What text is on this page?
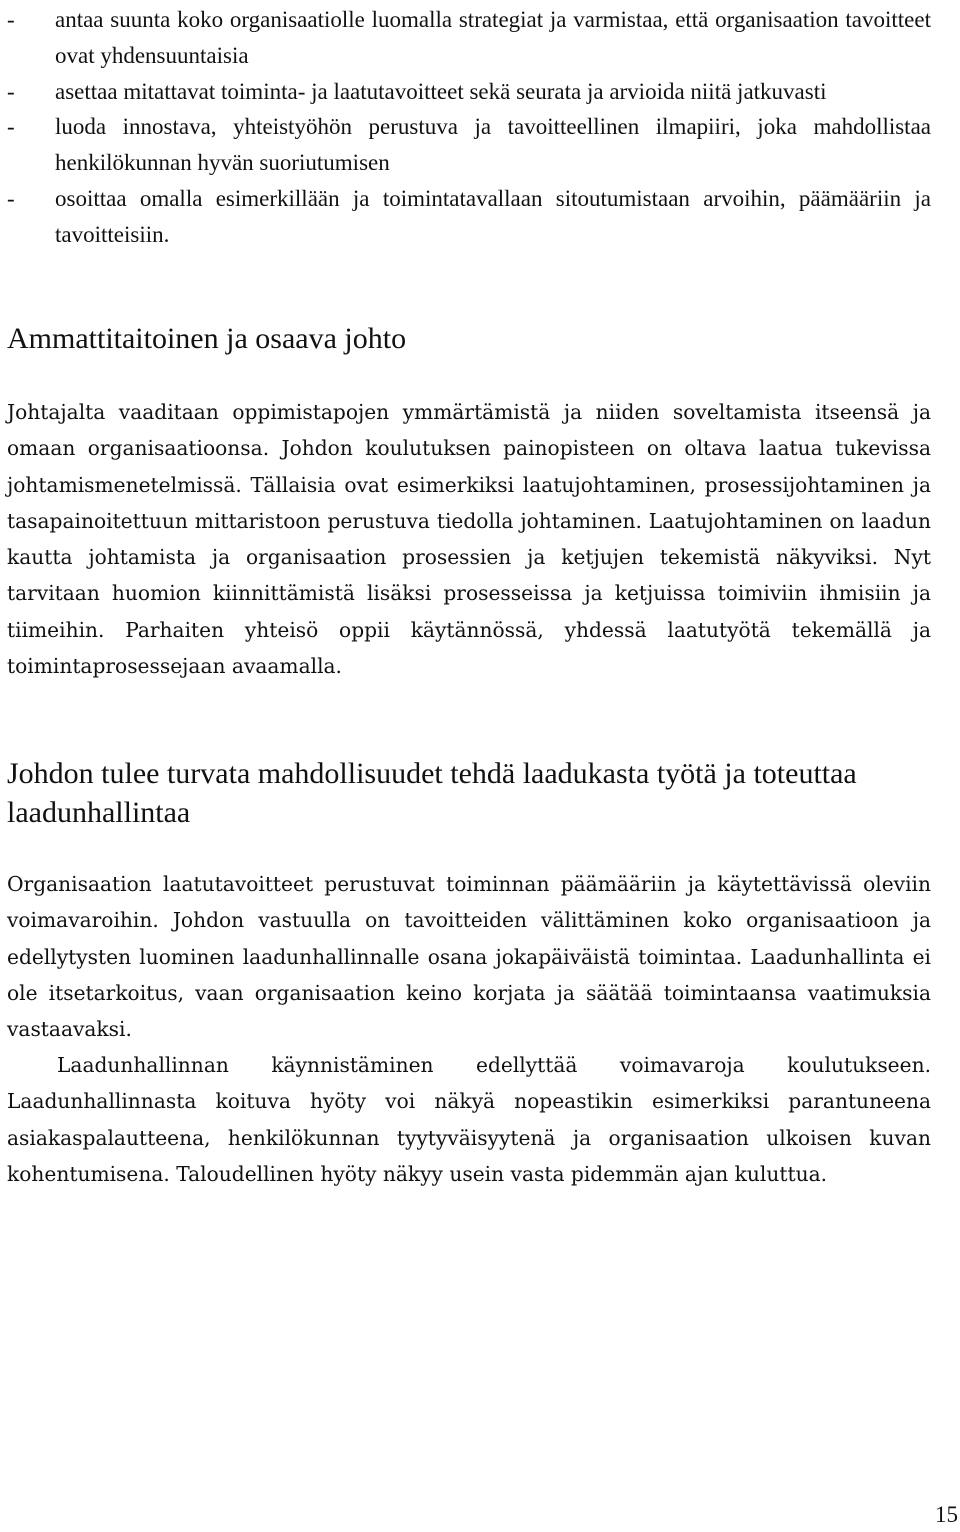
- antaa suunta koko organisaatiolle luomalla strategiat ja varmistaa, että organisaation tavoitteet ovat yhdensuuntaisia
- asettaa mitattavat toiminta- ja laatutavoitteet sekä seurata ja arvioida niitä jatkuvasti
- luoda innostava, yhteistyöhön perustuva ja tavoitteellinen ilmapiiri, joka mahdollistaa henkilökunnan hyvän suoriutumisen
- osoittaa omalla esimerkillään ja toimintatavallaan sitoutumistaan arvoihin, päämääriin ja tavoitteisiin.
Ammattitaitoinen ja osaava johto

Johtajalta vaaditaan oppimistapojen ymmärtämistä ja niiden soveltamista itseensä ja omaan organisaatioonsa. Johdon koulutuksen painopisteen on oltava laatua tukevissa johtamismenetelmissä. Tällaisia ovat esimerkiksi laatujohtaminen, prosessijohtaminen ja tasapainoitettuun mittaristoon perustuva tiedolla johtaminen. Laatujohtaminen on laadun kautta johtamista ja organisaation prosessien ja ketjujen tekemistä näkyviksi. Nyt tarvitaan huomion kiinnittämistä lisäksi prosesseissa ja ketjuissa toimiviin ihmisiin ja tiimeihin. Parhaiten yhteisö oppii käytännössä, yhdessä laatutyötä tekemällä ja toimintaprosessejaan avaamalla.

Johdon tulee turvata mahdollisuudet tehdä laadukasta työtä ja toteuttaa laadunhallintaa

Organisaation laatutavoitteet perustuvat toiminnan päämääriin ja käytettävissä oleviin voimavaroihin. Johdon vastuulla on tavoitteiden välittäminen koko organisaatioon ja edellytysten luominen laadunhallinnalle osana jokapäiväistä toimintaa. Laadunhallinta ei ole itsetarkoitus, vaan organisaation keino korjata ja säätää toimintaansa vaatimuksia vastaavaksi.

Laadunhallinnan käynnistäminen edellyttää voimavaroja koulutukseen. Laadunhallinnasta koituva hyöty voi näkyä nopeastikin esimerkiksi parantuneena asiakaspalautteena, henkilökunnan tyytyväisyytenä ja organisaation ulkoisen kuvan kohentumisena. Taloudellinen hyöty näkyy usein vasta pidemmän ajan kuluttua.

15
